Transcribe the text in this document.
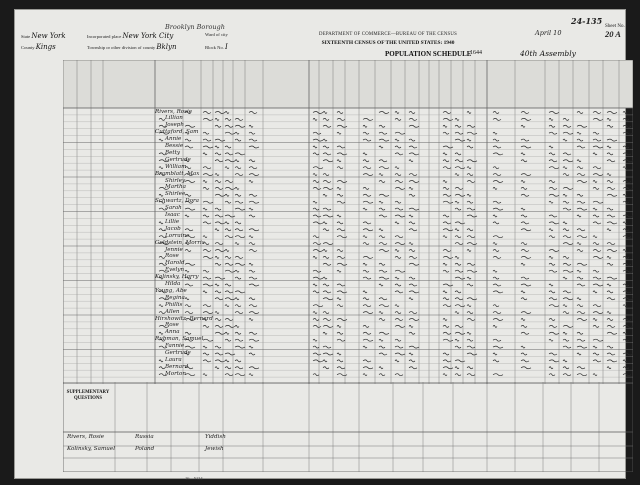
State New York
County Kings
Incorporated place New York City
Township or other division of county Bklyn
Ward of city
Block No. I
Brooklyn Borough
DEPARTMENT OF COMMERCE—BUREAU OF THE CENSUS
SIXTEENTH CENSUS OF THE UNITED STATES: 1940
POPULATION SCHEDULE
1644	40th Assembly
April 10
24-135
Sheet No.
20 A
Rivers, Rosie
Lillian
Joseph
Cuttaford, Sam
Annie
Bessie
Betty
Gertrude
William
Bramblatt, Max
Shirley
Martha
Shirlee
Schwartz, Dora
Sarah
Isaac
Lillie
Jacob
Lorraine
Goldstein, Morris
Jennie
Rose
Harold
Evelyn
Kolinsky, Harry
Hilda
Young, Abe
Regina
Phillis
Allen
Hirshowitz, Bernard
Rose
Anna
Rubman, Samuel
Fannie
Gertrude
Laura
Bernard
Morton
SUPPLEMENTARY QUESTIONS
Rivers, Rosie
Kolinsky, Samuel
Russia
Poland
Yiddish
Jewish
16—5124
